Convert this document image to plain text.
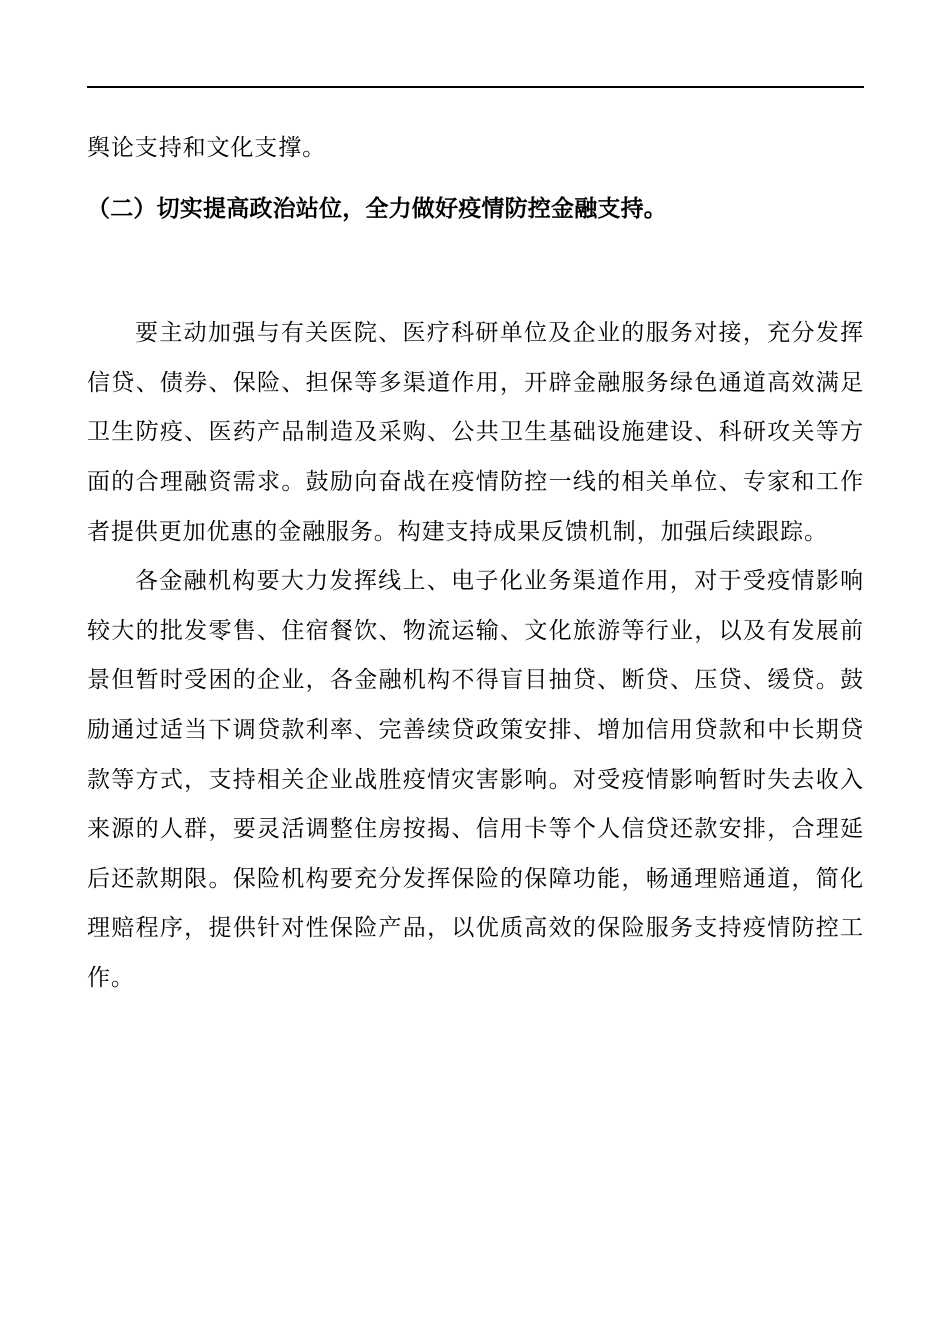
舆论支持和文化支撑。

（二）切实提高政治站位，全力做好疫情防控金融支持。

要主动加强与有关医院、医疗科研单位及企业的服务对接，充分发挥信贷、债券、保险、担保等多渠道作用，开辟金融服务绿色通道高效满足卫生防疫、医药产品制造及采购、公共卫生基础设施建设、科研攻关等方面的合理融资需求。鼓励向奋战在疫情防控一线的相关单位、专家和工作者提供更加优惠的金融服务。构建支持成果反馈机制，加强后续跟踪。

各金融机构要大力发挥线上、电子化业务渠道作用，对于受疫情影响较大的批发零售、住宿餐饮、物流运输、文化旅游等行业，以及有发展前景但暂时受困的企业，各金融机构不得盲目抽贷、断贷、压贷、缓贷。鼓励通过适当下调贷款利率、完善续贷政策安排、增加信用贷款和中长期贷款等方式，支持相关企业战胜疫情灾害影响。对受疫情影响暂时失去收入来源的人群，要灵活调整住房按揭、信用卡等个人信贷还款安排，合理延后还款期限。保险机构要充分发挥保险的保障功能，畅通理赔通道，简化理赔程序，提供针对性保险产品，以优质高效的保险服务支持疫情防控工作。
